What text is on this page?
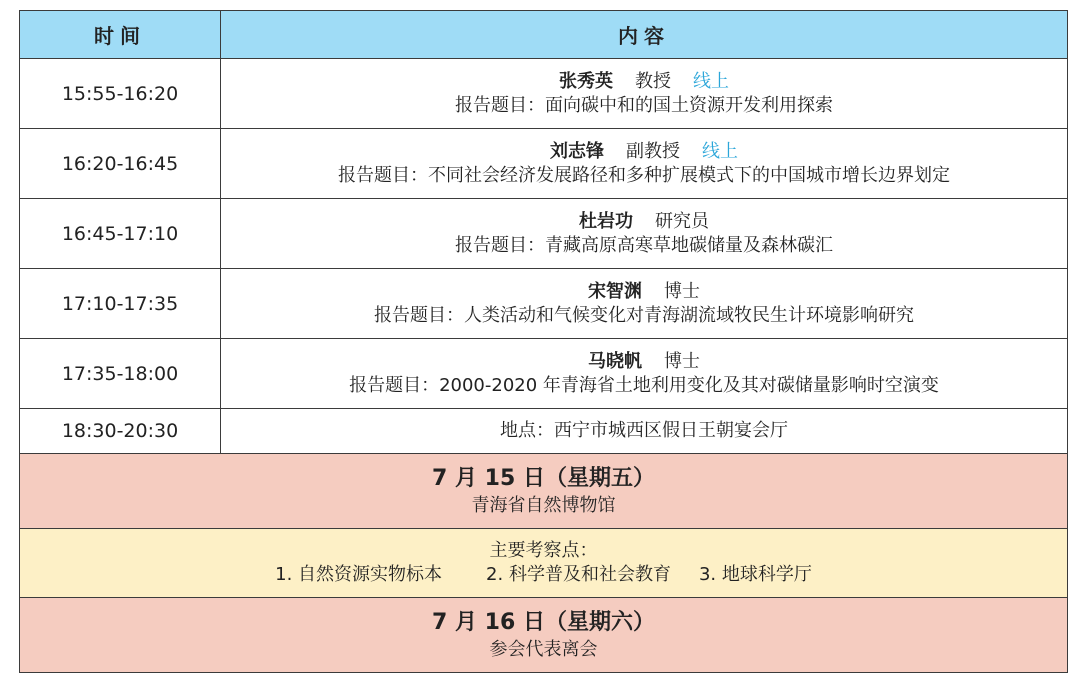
时间	内容
15:55-16:20	张秀英 教授 线上
报告题目：面向碳中和的国土资源开发利用探索

16:20-16:45	刘志锋 副教授 线上
报告题目：不同社会经济发展路径和多种扩展模式下的中国城市增长边界划定

16:45-17:10	杜岩功 研究员
报告题目：青藏高原高寒草地碳储量及森林碳汇

17:10-17:35	宋智渊 博士
报告题目：人类活动和气候变化对青海湖流域牧民生计环境影响研究

17:35-18:00	马晓帆 博士
报告题目：2000-2020 年青海省土地利用变化及其对碳储量影响时空演变

18:30-20:30	地点：西宁市城西区假日王朝宴会厅

7 月 15 日（星期五）
青海省自然博物馆	

主要考察点：
1. 自然资源实物标本 2. 科学普及和社会教育 3. 地球科学厅	

7 月 16 日（星期六）
参会代表离会	
